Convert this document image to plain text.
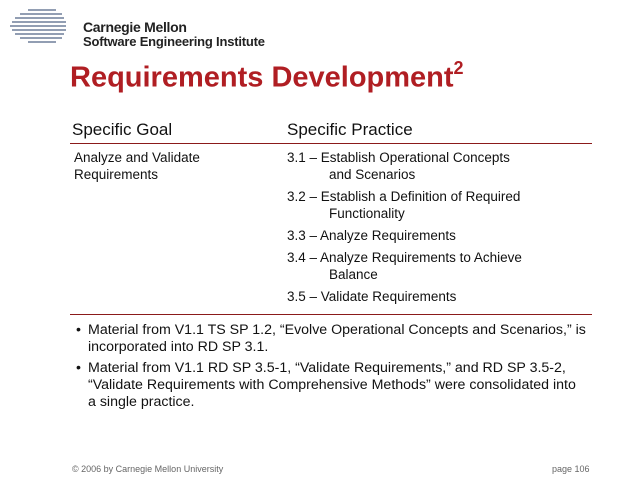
Carnegie Mellon
Software Engineering Institute
Requirements Development$^2$
Specific Goal	Specific Practice
Analyze and Validate
Requirements
3.1 – Establish Operational Concepts
and Scenarios
3.2 – Establish a Definition of Required
Functionality
3.3 – Analyze Requirements
3.4 – Analyze Requirements to Achieve
Balance
3.5 – Validate Requirements
• Material from V1.1 TS SP 1.2, “Evolve Operational Concepts and Scenarios,” is incorporated into RD SP 3.1.
• Material from V1.1 RD SP 3.5-1, “Validate Requirements,” and RD SP 3.5-2, “Validate Requirements with Comprehensive Methods” were consolidated into a single practice.
© 2006 by Carnegie Mellon University	page 106
